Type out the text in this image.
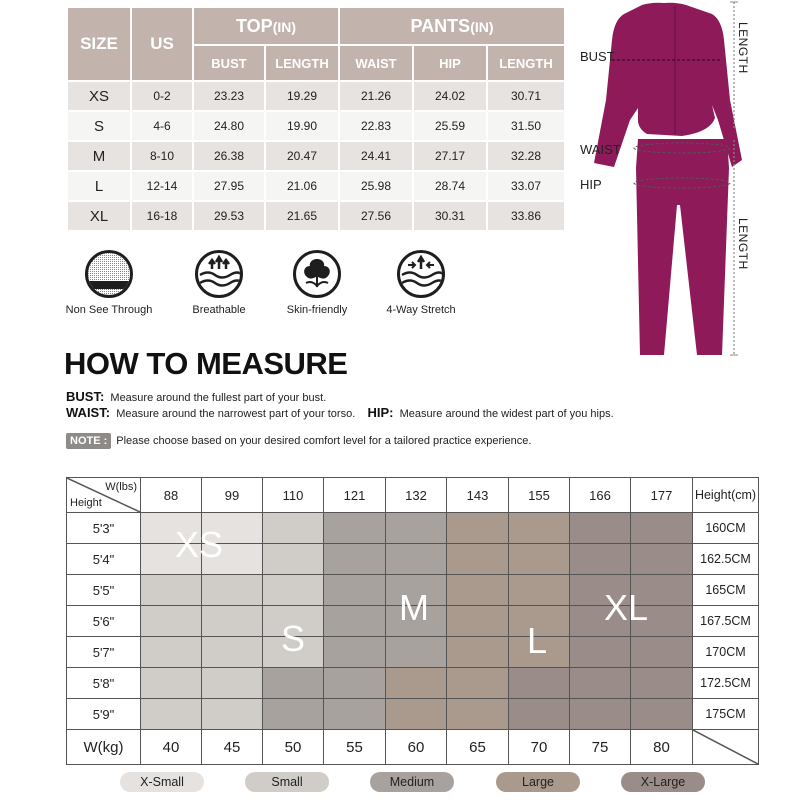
SIZE	US	TOP(IN)		PANTS(IN)		
		BUST	LENGTH	WAIST	HIP	LENGTH
XS	0-2	23.23	19.29	21.26	24.02	30.71
S	4-6	24.80	19.90	22.83	25.59	31.50
M	8-10	26.38	20.47	24.41	27.17	32.28
L	12-14	27.95	21.06	25.98	28.74	33.07
XL	16-18	29.53	21.65	27.56	30.31	33.86
Non See Through	Breathable	Skin-friendly	4-Way Stretch
BUST
WAIST
HIP
LENGTH
LENGTH
HOW TO MEASURE
BUST: Measure around the fullest part of your bust.
WAIST: Measure around the narrowest part of your torso. HIP: Measure around the widest part of you hips.
NOTE : Please choose based on your desired comfort level for a tailored practice experience.
W(lbs)
Height	88	99	110	121	132	143	155	166	177	Height(cm)
5'3"										160CM
5'4"										162.5CM
5'5"										165CM
5'6"										167.5CM
5'7"										170CM
5'8"										172.5CM
5'9"										175CM
W(kg)	40	45	50	55	60	65	70	75	80	
XS
S
M
L
XL
X-Small	Small	Medium	Large	X-Large
